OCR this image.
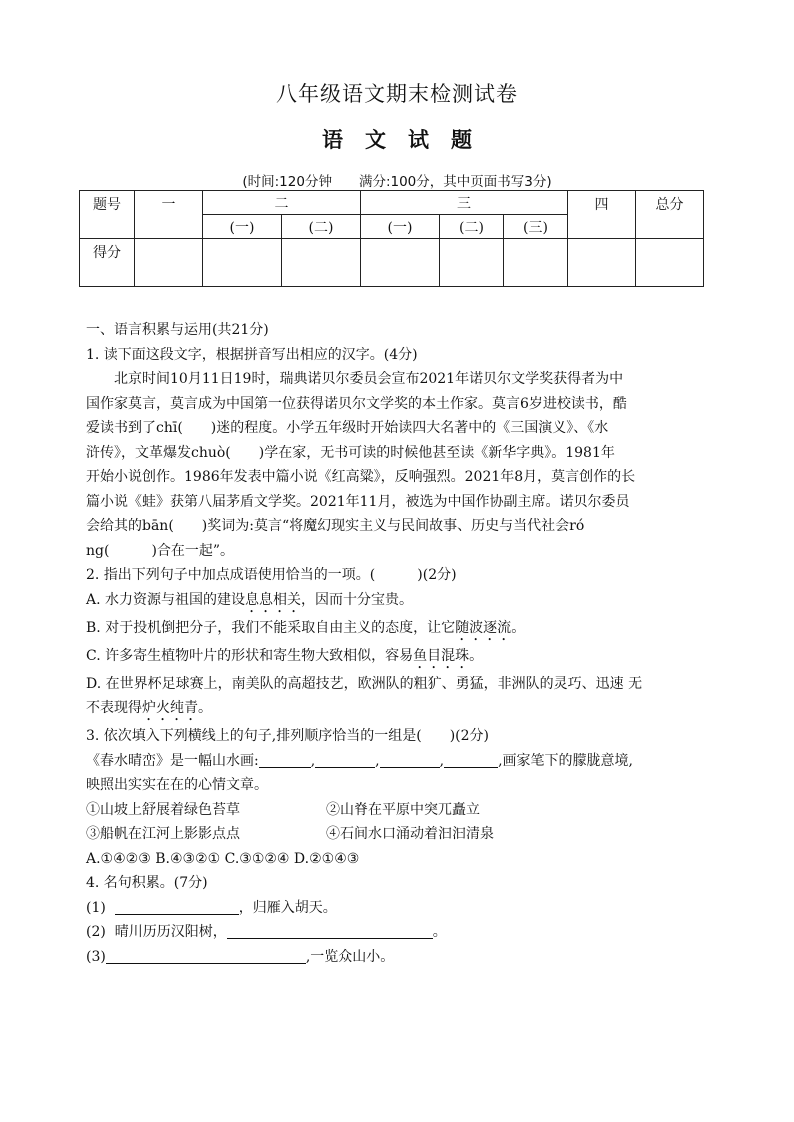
八年级语文期末检测试卷
语文试题
(时间:120分钟　　满分:100分，其中页面书写3分)
题号	一	二		三			四	总分
		(一)	(二)	(一)	(二)	(三)		
得分								

一、语言积累与运用(共21分)

1. 读下面这段文字，根据拼音写出相应的汉字。(4分)

北京时间10月11日19时，瑞典诺贝尔委员会宣布2021年诺贝尔文学奖获得者为中

国作家莫言，莫言成为中国第一位获得诺贝尔文学奖的本土作家。莫言6岁进校读书，酷

爱读书到了chī(　　)迷的程度。小学五年级时开始读四大名著中的《三国演义》、《水

浒传》，文革爆发chuò(　　)学在家，无书可读的时候他甚至读《新华字典》。1981年

开始小说创作。1986年发表中篇小说《红高粱》，反响强烈。2021年8月，莫言创作的长

篇小说《蛙》获第八届茅盾文学奖。2021年11月，被选为中国作协副主席。诺贝尔委员

会给其的bān(　　)奖词为:莫言“将魔幻现实主义与民间故事、历史与当代社会ró

ng(　　　)合在一起”。

2. 指出下列句子中加点成语使用恰当的一项。(　　　)(2分)

A. 水力资源与祖国的建设息息相关，因而十分宝贵。

B. 对于投机倒把分子，我们不能采取自由主义的态度，让它随波逐流。

C. 许多寄生植物叶片的形状和寄生物大致相似，容易鱼目混珠。

D. 在世界杯足球赛上，南美队的高超技艺，欧洲队的粗犷、勇猛，非洲队的灵巧、迅速 无

不表现得炉火纯青。

3. 依次填入下列横线上的句子,排列顺序恰当的一组是(　　)(2分)

《春水晴峦》是一幅山水画:	,	,	,	,画家笔下的朦胧意境,

映照出实实在在的心情文章。

①山坡上舒展着绿色苔草	②山脊在平原中突兀矗立
③船帆在江河上影影点点	④石间水口涌动着汩汩清泉

A.①④②③ B.④③②① C.③①②④ D.②①④③

4. 名句积累。(7分)

(1)	，归雁入胡天。

(2) 晴川历历汉阳树，	。

(3)	,一览众山小。
